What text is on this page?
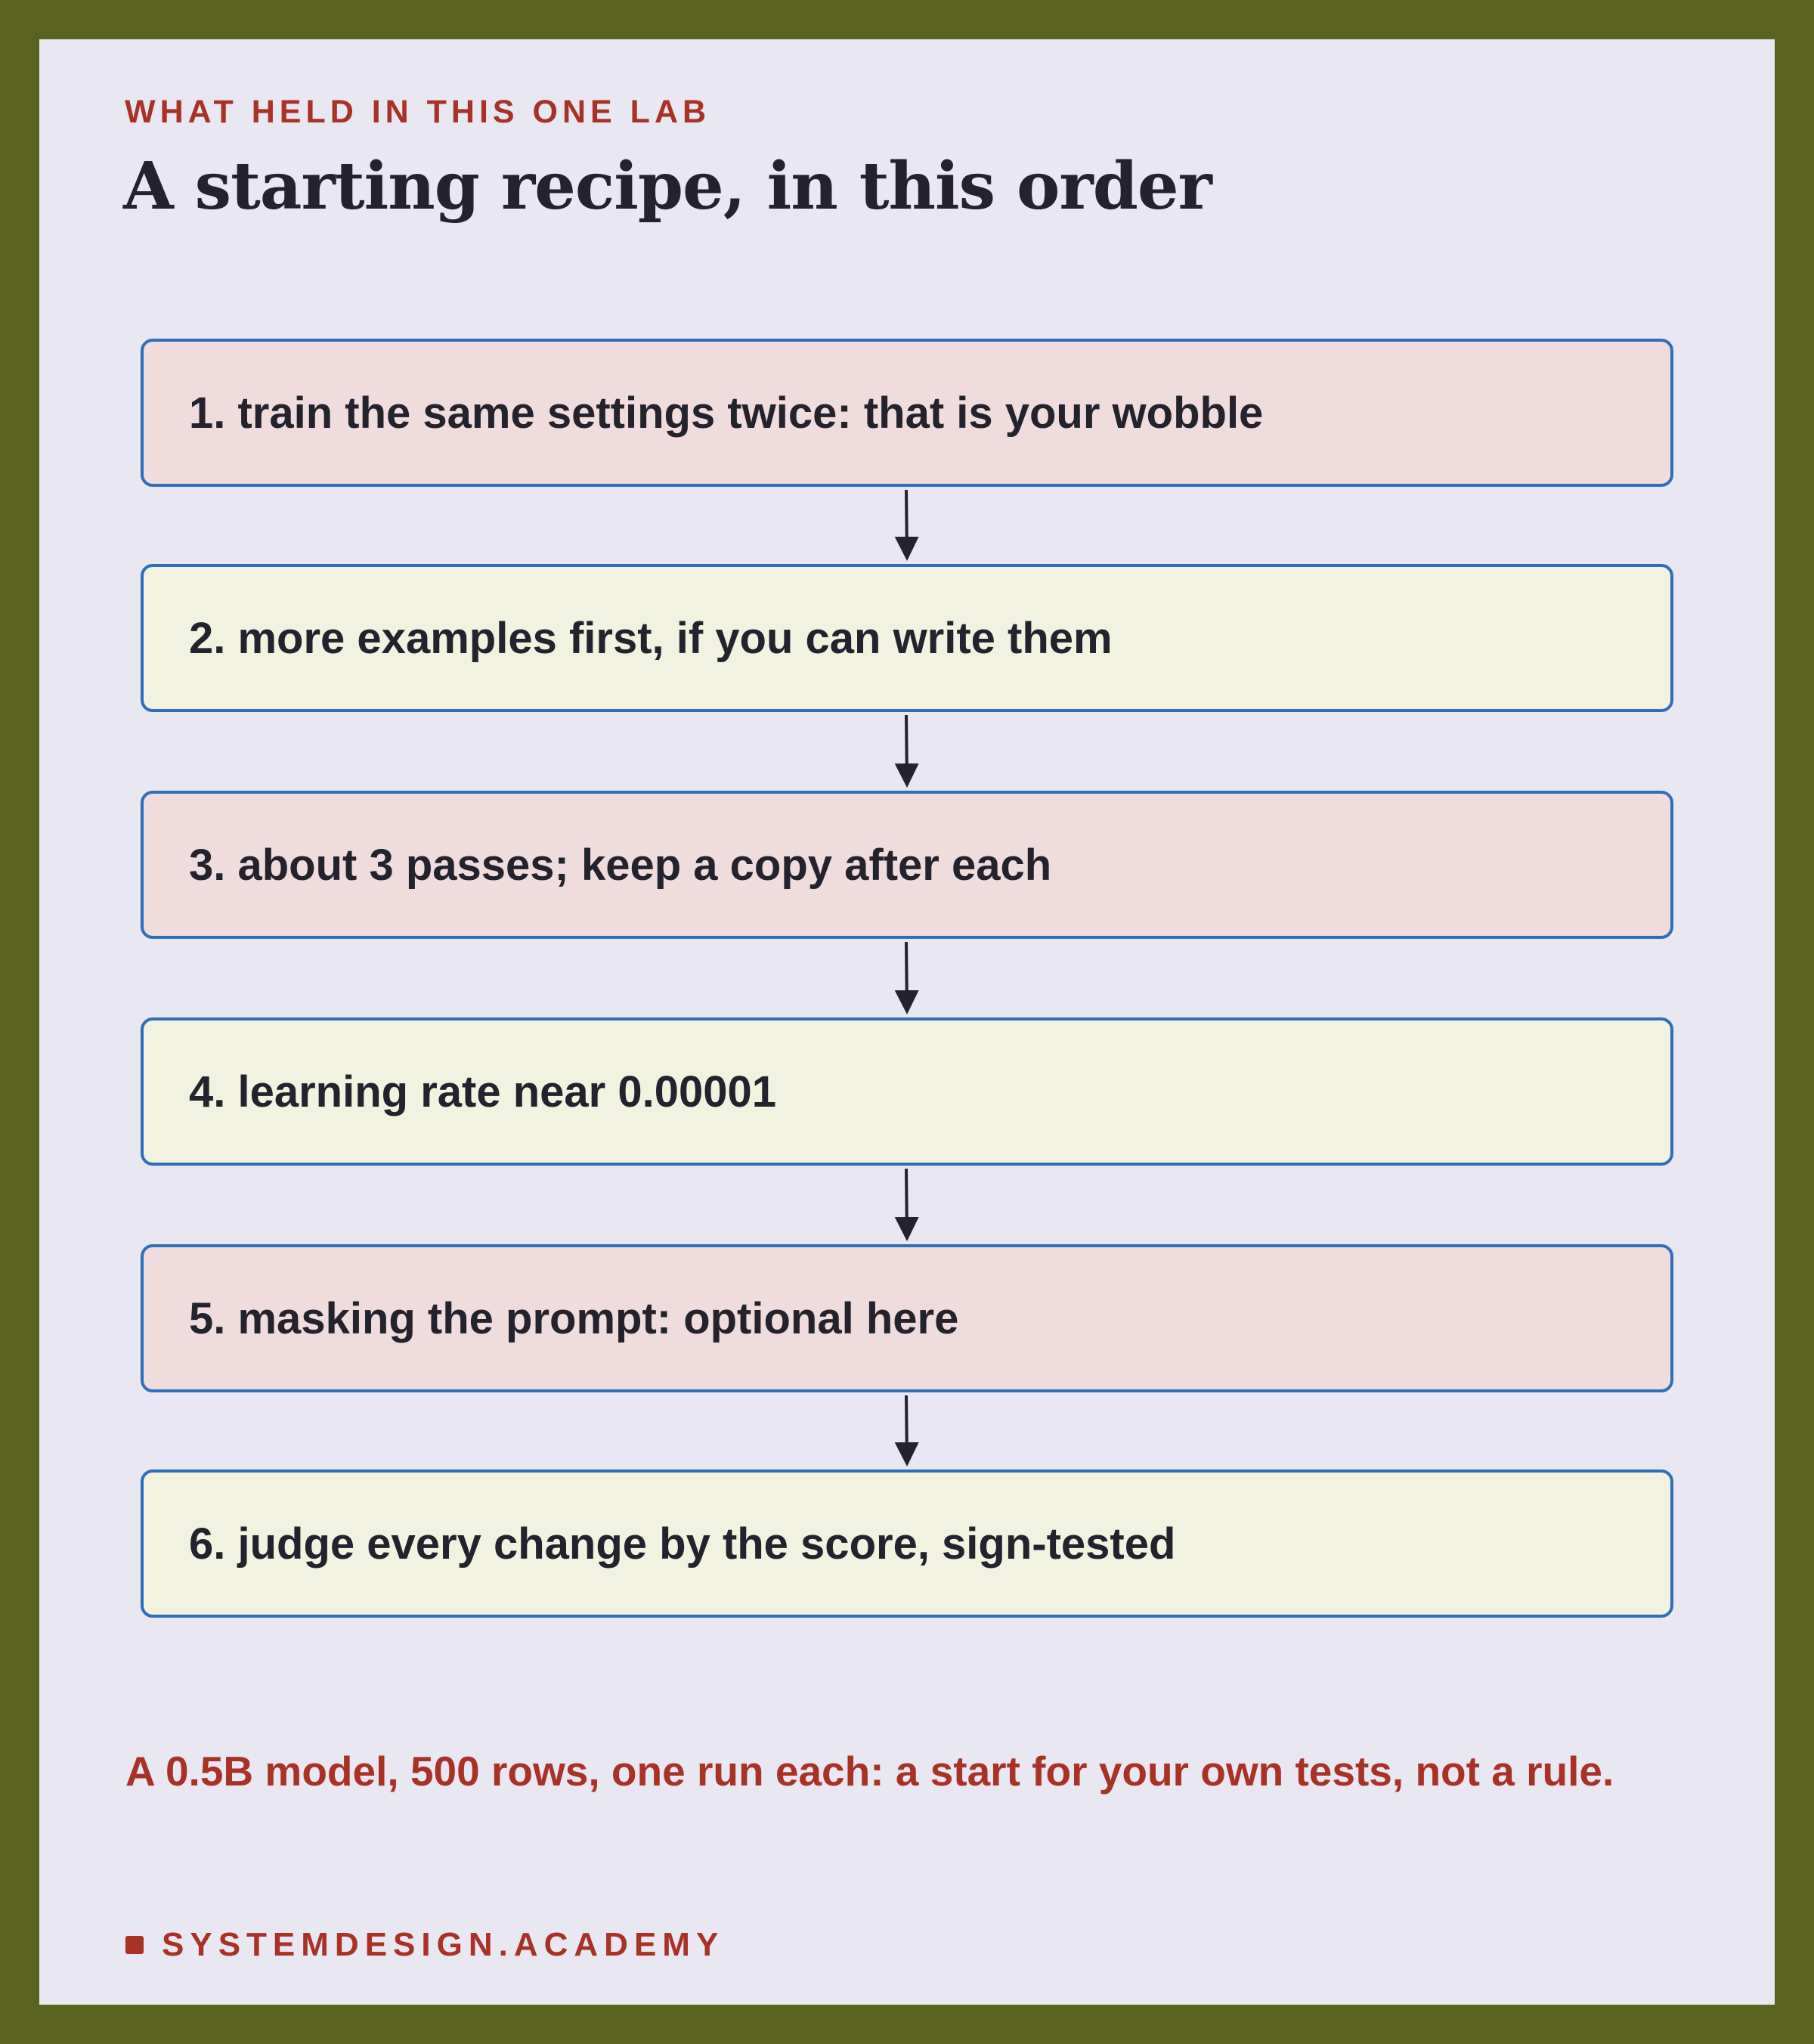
WHAT HELD IN THIS ONE LAB
A starting recipe, in this order
1. train the same settings twice: that is your wobble
2. more examples first, if you can write them
3. about 3 passes; keep a copy after each
4. learning rate near 0.00001
5. masking the prompt: optional here
6. judge every change by the score, sign-tested
A 0.5B model, 500 rows, one run each: a start for your own tests, not a rule.
SYSTEMDESIGN.ACADEMY
